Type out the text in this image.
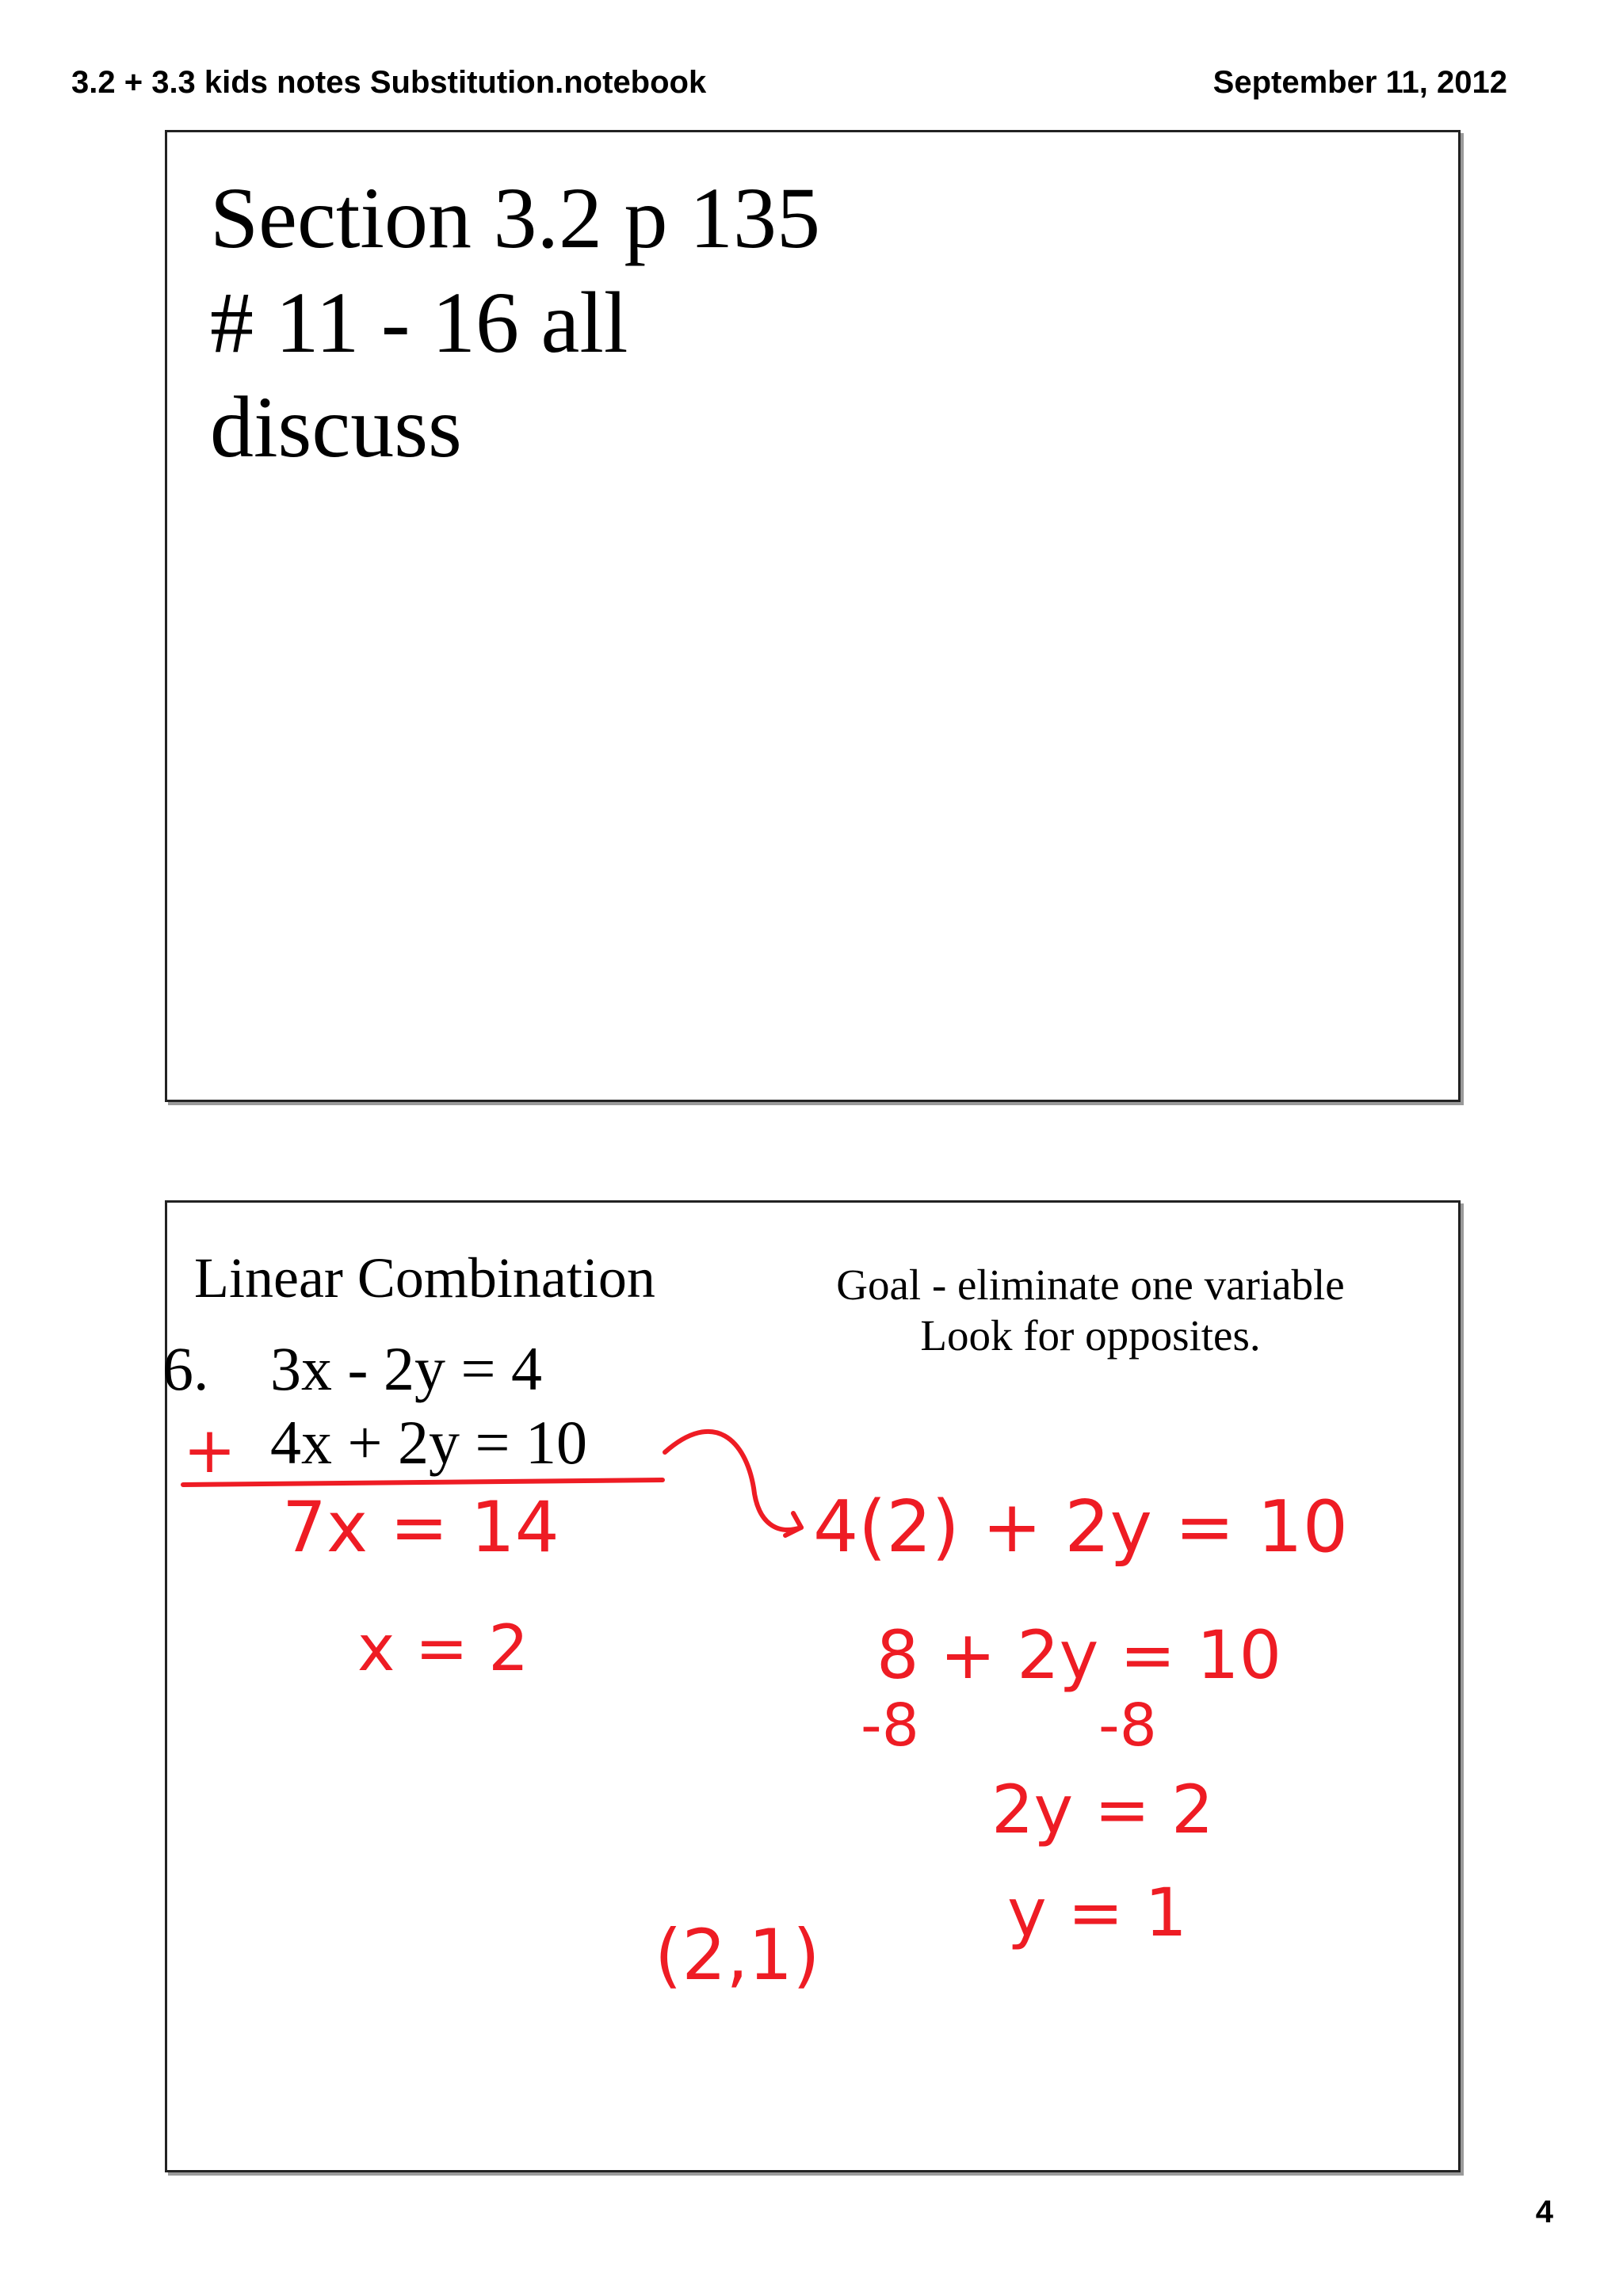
3.2 + 3.3 kids notes Substitution.notebook	September 11, 2012
Section 3.2 p 135
# 11 - 16 all
discuss
Linear Combination	Goal - eliminate one variable
Look for opposites.
6. 3x - 2y = 4
4x + 2y = 10
+
7x = 14
x = 2
4(2) + 2y = 10
8 + 2y = 10
-8	-8
2y = 2
y = 1
(2,1)
4
